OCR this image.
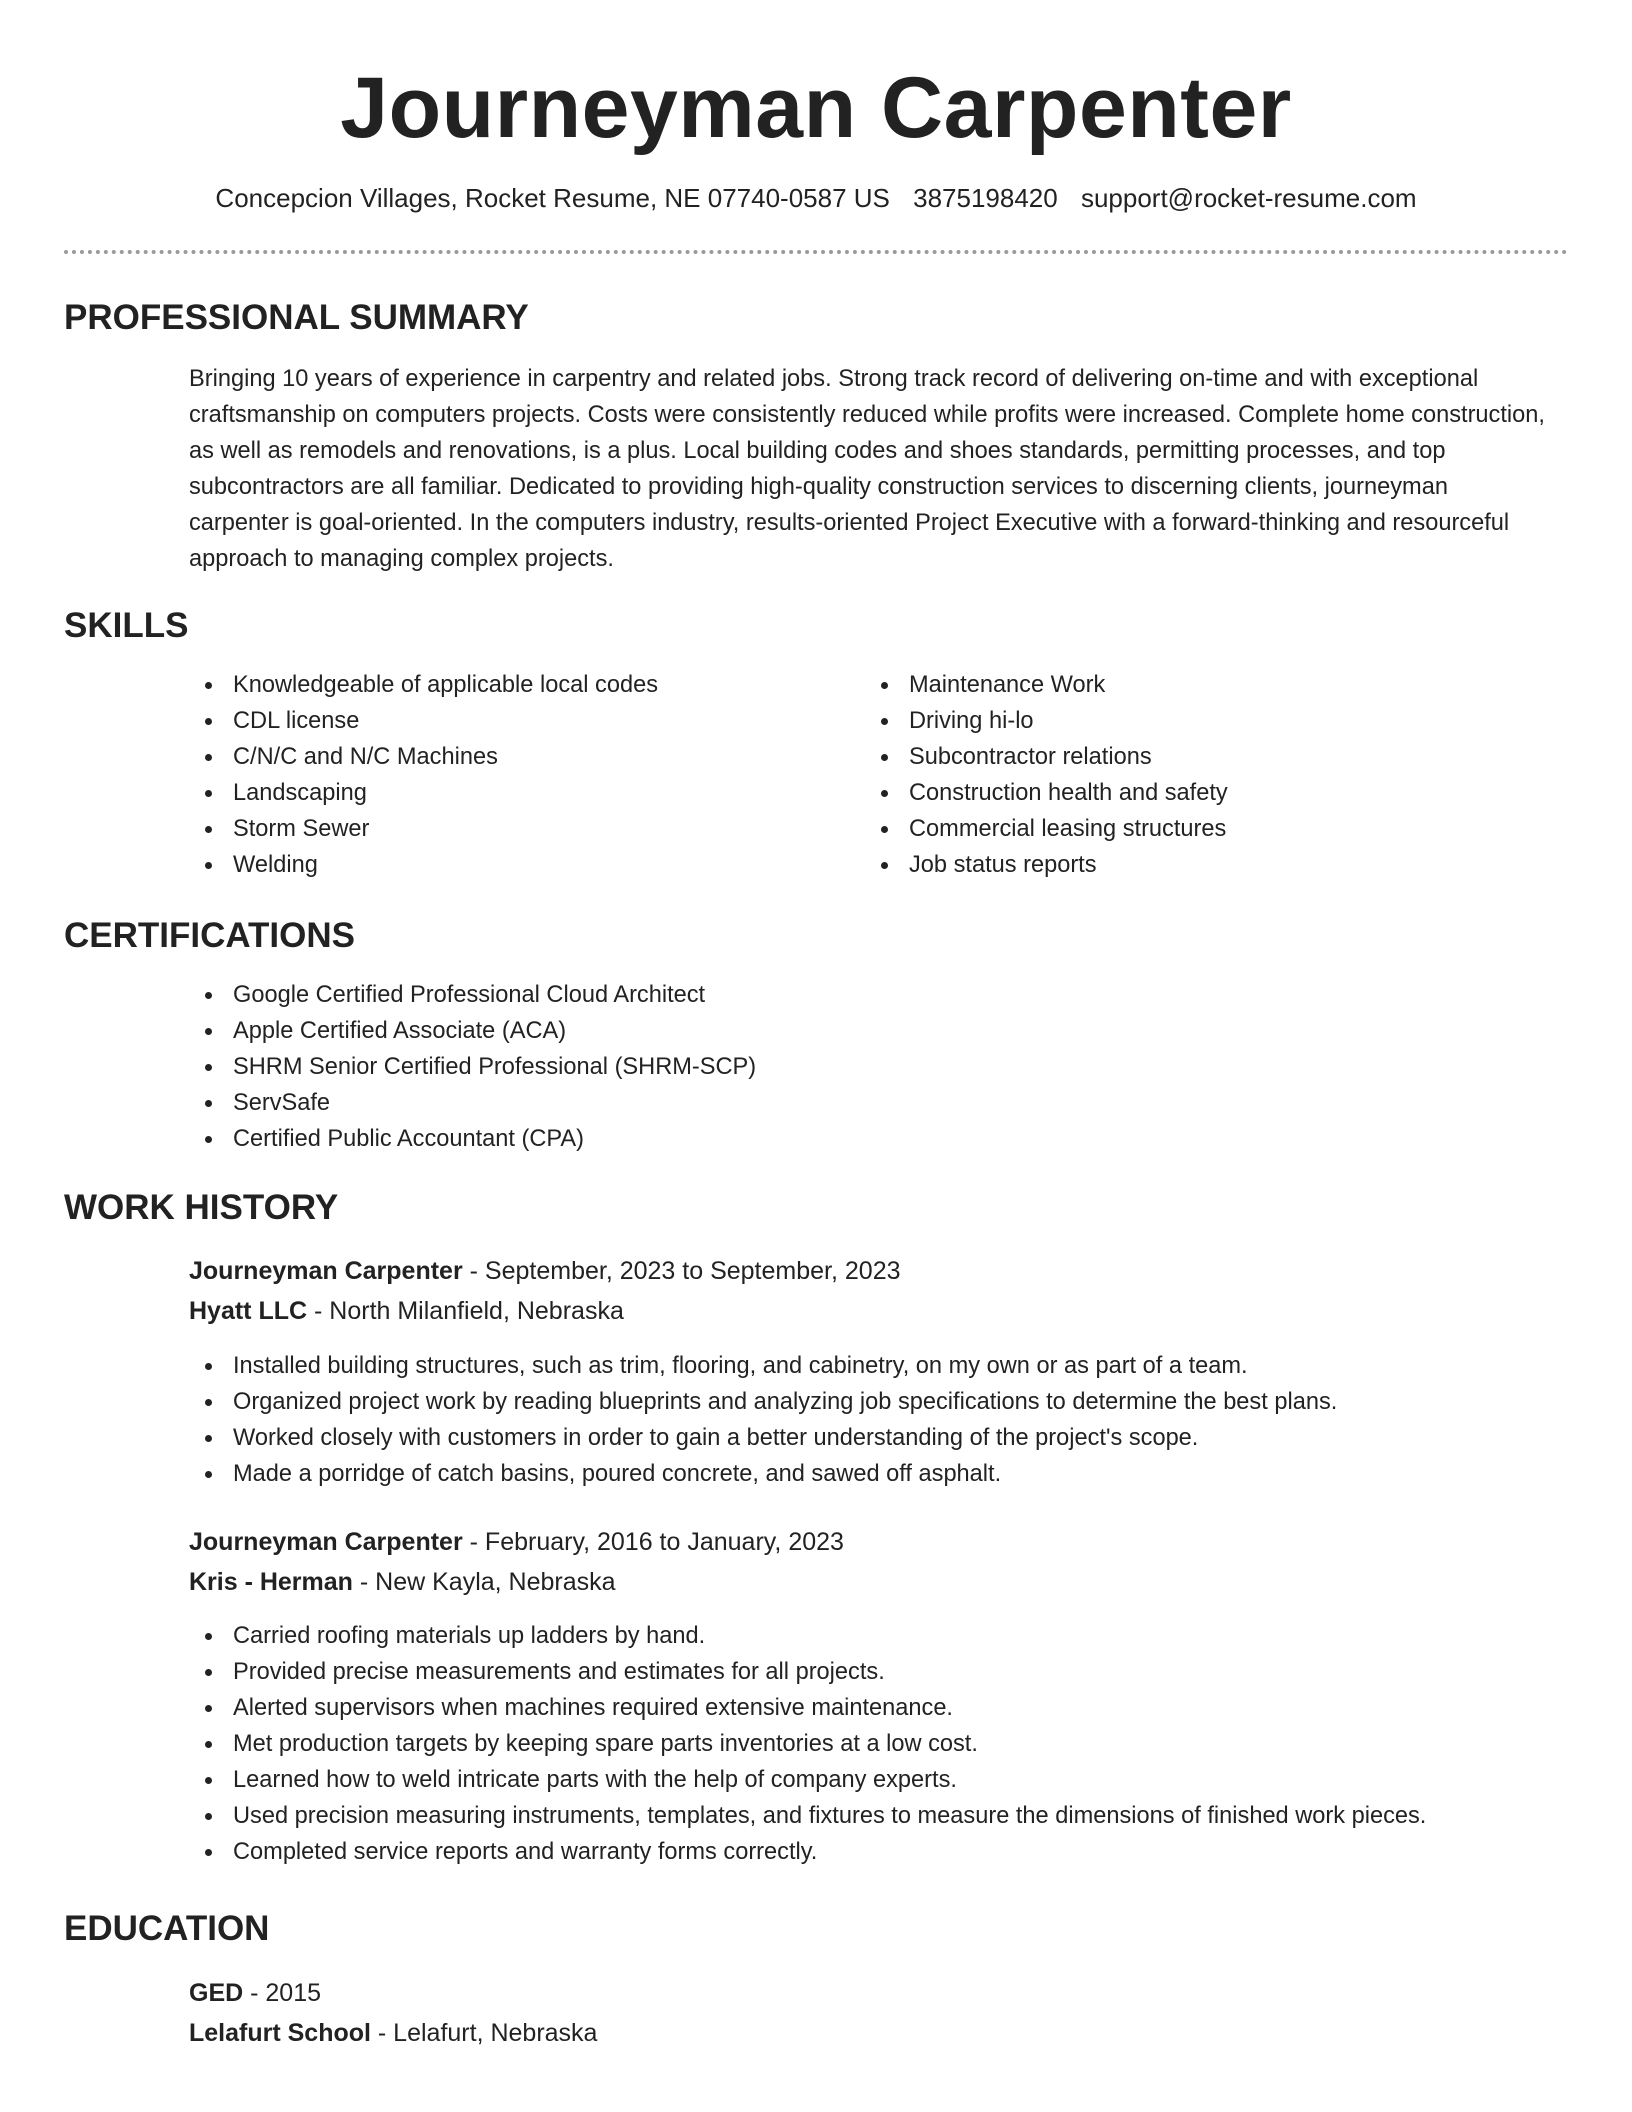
Journeyman Carpenter
Concepcion Villages, Rocket Resume, NE 07740-0587 US 3875198420 support@rocket-resume.com
PROFESSIONAL SUMMARY

Bringing 10 years of experience in carpentry and related jobs. Strong track record of delivering on-time and with exceptional craftsmanship on computers projects. Costs were consistently reduced while profits were increased. Complete home construction, as well as remodels and renovations, is a plus. Local building codes and shoes standards, permitting processes, and top subcontractors are all familiar. Dedicated to providing high-quality construction services to discerning clients, journeyman carpenter is goal-oriented. In the computers industry, results-oriented Project Executive with a forward-thinking and resourceful approach to managing complex projects.

SKILLS
Knowledgeable of applicable local codes
CDL license
C/N/C and N/C Machines
Landscaping
Storm Sewer
Welding
Maintenance Work
Driving hi-lo
Subcontractor relations
Construction health and safety
Commercial leasing structures
Job status reports
CERTIFICATIONS
Google Certified Professional Cloud Architect
Apple Certified Associate (ACA)
SHRM Senior Certified Professional (SHRM-SCP)
ServSafe
Certified Public Accountant (CPA)
WORK HISTORY

Journeyman Carpenter - September, 2023 to September, 2023

Hyatt LLC - North Milanfield, Nebraska

Installed building structures, such as trim, flooring, and cabinetry, on my own or as part of a team.
Organized project work by reading blueprints and analyzing job specifications to determine the best plans.
Worked closely with customers in order to gain a better understanding of the project's scope.
Made a porridge of catch basins, poured concrete, and sawed off asphalt.

Journeyman Carpenter - February, 2016 to January, 2023

Kris - Herman - New Kayla, Nebraska

Carried roofing materials up ladders by hand.
Provided precise measurements and estimates for all projects.
Alerted supervisors when machines required extensive maintenance.
Met production targets by keeping spare parts inventories at a low cost.
Learned how to weld intricate parts with the help of company experts.
Used precision measuring instruments, templates, and fixtures to measure the dimensions of finished work pieces.
Completed service reports and warranty forms correctly.
EDUCATION

GED - 2015

Lelafurt School - Lelafurt, Nebraska
